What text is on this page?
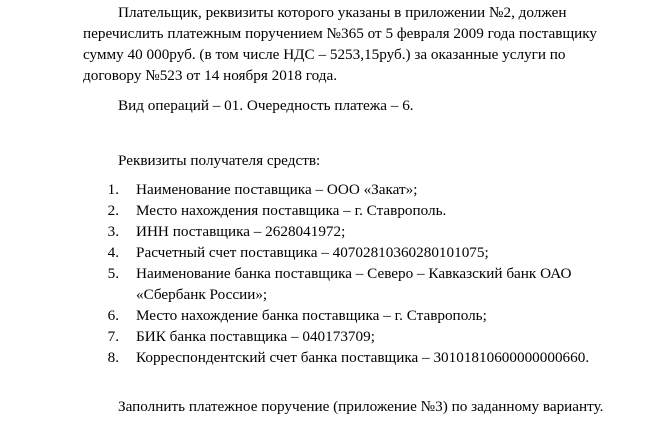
Плательщик, реквизиты которого указаны в приложении №2, должен
перечислить платежным поручением №365 от 5 февраля 2009 года поставщику
сумму 40 000руб. (в том числе НДС – 5253,15руб.) за оказанные услуги по
договору №523 от 14 ноября 2018 года.
Вид операций – 01. Очередность платежа – 6.
Реквизиты получателя средств:
1. Наименование поставщика – ООО «Закат»;
2. Место нахождения поставщика – г. Ставрополь.
3. ИНН поставщика – 2628041972;
4. Расчетный счет поставщика – 40702810360280101075;
5. Наименование банка поставщика – Северо – Кавказский банк ОАО
«Сбербанк России»;
6. Место нахождение банка поставщика – г. Ставрополь;
7. БИК банка поставщика – 040173709;
8. Корреспондентский счет банка поставщика – 30101810600000000660.
Заполнить платежное поручение (приложение №3) по заданному варианту.
